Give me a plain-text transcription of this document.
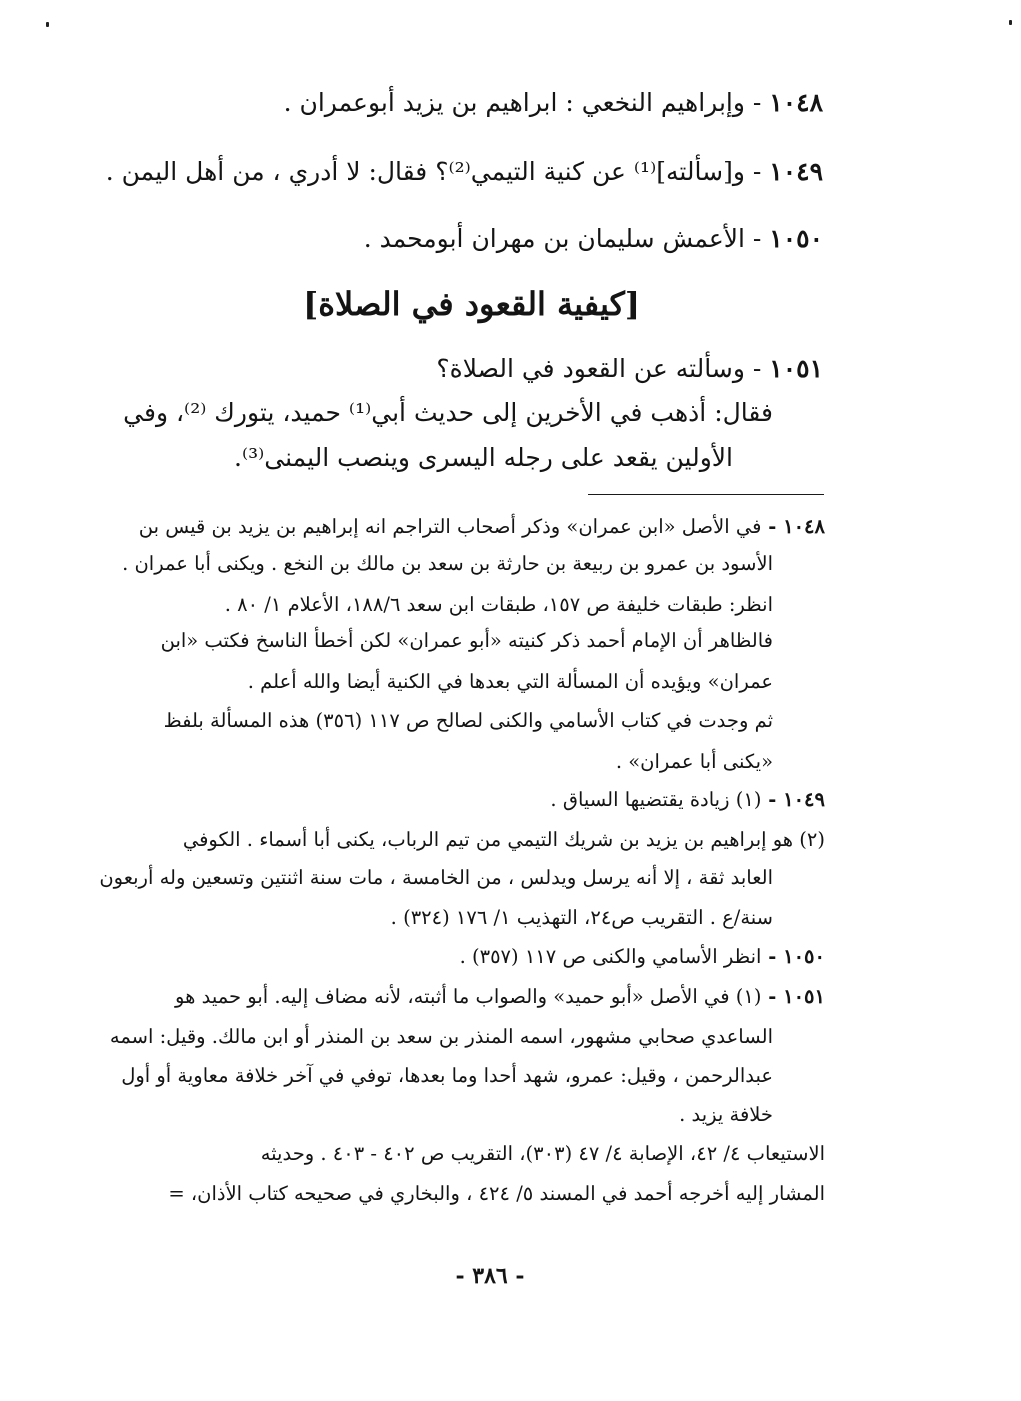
١٠٤٨ - وإبراهيم النخعي : ابراهيم بن يزيد أبوعمران .
١٠٤٩ - و[سألته]⁽¹⁾ عن كنية التيمي⁽²⁾؟ فقال: لا أدري ، من أهل اليمن .
١٠٥٠ - الأعمش سليمان بن مهران أبومحمد .
[كيفية القعود في الصلاة]
١٠٥١ - وسألته عن القعود في الصلاة؟
فقال: أذهب في الأخرين إلى حديث أبي⁽¹⁾ حميد، يتورك ⁽²⁾، وفي
الأولين يقعد على رجله اليسرى وينصب اليمنى⁽³⁾.
١٠٤٨ - في الأصل «ابن عمران» وذكر أصحاب التراجم انه إبراهيم بن يزيد بن قيس بن
الأسود بن عمرو بن ربيعة بن حارثة بن سعد بن مالك بن النخع . ويكنى أبا عمران .
انظر: طبقات خليفة ص ١٥٧، طبقات ابن سعد ١٨٨/٦، الأعلام ١/ ٨٠ .
فالظاهر أن الإمام أحمد ذكر كنيته «أبو عمران» لكن أخطأ الناسخ فكتب «ابن
عمران» ويؤيده أن المسألة التي بعدها في الكنية أيضا والله أعلم .
ثم وجدت في كتاب الأسامي والكنى لصالح ص ١١٧ (٣٥٦) هذه المسألة بلفظ
«يكنى أبا عمران» .
١٠٤٩ - (١) زيادة يقتضيها السياق .
(٢) هو إبراهيم بن يزيد بن شريك التيمي من تيم الرباب، يكنى أبا أسماء . الكوفي
العابد ثقة ، إلا أنه يرسل ويدلس ، من الخامسة ، مات سنة اثنتين وتسعين وله أربعون
سنة/ع . التقريب ص٢٤، التهذيب ١/ ١٧٦ (٣٢٤) .
١٠٥٠ - انظر الأسامي والكنى ص ١١٧ (٣٥٧) .
١٠٥١ - (١) في الأصل «أبو حميد» والصواب ما أثبته، لأنه مضاف إليه. أبو حميد هو
الساعدي صحابي مشهور، اسمه المنذر بن سعد بن المنذر أو ابن مالك. وقيل: اسمه
عبدالرحمن ، وقيل: عمرو، شهد أحدا وما بعدها، توفي في آخر خلافة معاوية أو أول
خلافة يزيد .
الاستيعاب ٤/ ٤٢، الإصابة ٤/ ٤٧ (٣٠٣)، التقريب ص ٤٠٢ - ٤٠٣ . وحديثه
المشار إليه أخرجه أحمد في المسند ٥/ ٤٢٤ ، والبخاري في صحيحه كتاب الأذان، =
- ٣٨٦ -
